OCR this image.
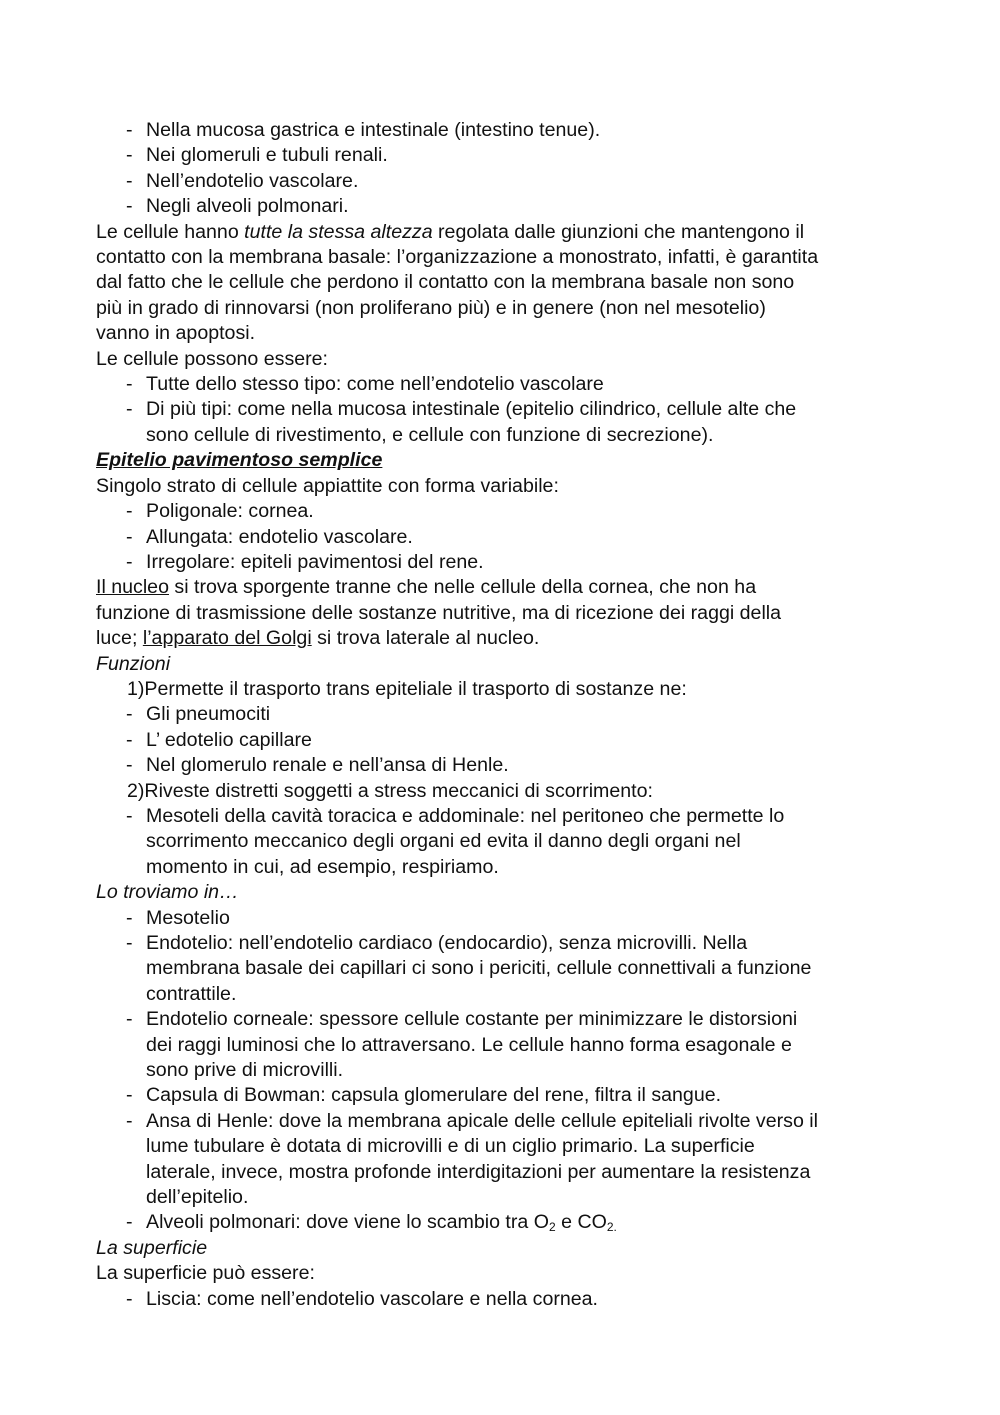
- Nella mucosa gastrica e intestinale (intestino tenue).

- Nei glomeruli e tubuli renali.

- Nell’endotelio vascolare.

- Negli alveoli polmonari.

Le cellule hanno tutte la stessa altezza regolata dalle giunzioni che mantengono il

contatto con la membrana basale: l’organizzazione a monostrato, infatti, è garantita

dal fatto che le cellule che perdono il contatto con la membrana basale non sono

più in grado di rinnovarsi (non proliferano più) e in genere (non nel mesotelio)

vanno in apoptosi.

Le cellule possono essere:

- Tutte dello stesso tipo: come nell’endotelio vascolare

- Di più tipi: come nella mucosa intestinale (epitelio cilindrico, cellule alte che

sono cellule di rivestimento, e cellule con funzione di secrezione).

Epitelio pavimentoso semplice

Singolo strato di cellule appiattite con forma variabile:

- Poligonale: cornea.

- Allungata: endotelio vascolare.

- Irregolare: epiteli pavimentosi del rene.

Il nucleo si trova sporgente tranne che nelle cellule della cornea, che non ha

funzione di trasmissione delle sostanze nutritive, ma di ricezione dei raggi della

luce; l’apparato del Golgi si trova laterale al nucleo.

Funzioni

1)Permette il trasporto trans epiteliale il trasporto di sostanze ne:

- Gli pneumociti

- L’ edotelio capillare

- Nel glomerulo renale e nell’ansa di Henle.

2)Riveste distretti soggetti a stress meccanici di scorrimento:

- Mesoteli della cavità toracica e addominale: nel peritoneo che permette lo

scorrimento meccanico degli organi ed evita il danno degli organi nel

momento in cui, ad esempio, respiriamo.

Lo troviamo in…

- Mesotelio

- Endotelio: nell’endotelio cardiaco (endocardio), senza microvilli. Nella

membrana basale dei capillari ci sono i periciti, cellule connettivali a funzione

contrattile.

- Endotelio corneale: spessore cellule costante per minimizzare le distorsioni

dei raggi luminosi che lo attraversano. Le cellule hanno forma esagonale e

sono prive di microvilli.

- Capsula di Bowman: capsula glomerulare del rene, filtra il sangue.

- Ansa di Henle: dove la membrana apicale delle cellule epiteliali rivolte verso il

lume tubulare è dotata di microvilli e di un ciglio primario. La superficie

laterale, invece, mostra profonde interdigitazioni per aumentare la resistenza

dell’epitelio.

- Alveoli polmonari: dove viene lo scambio tra $O_2$ e $CO_{2.}$

La superficie

La superficie può essere:

- Liscia: come nell’endotelio vascolare e nella cornea.
